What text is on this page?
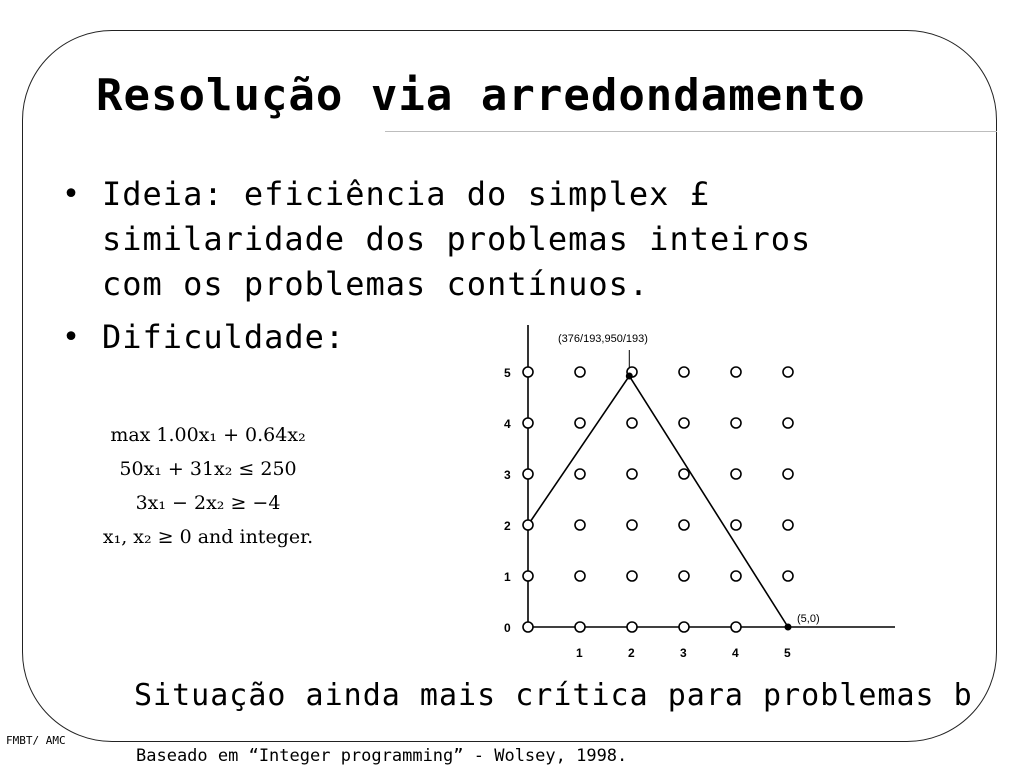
Resolução via arredondamento
• Ideia: eficiência do simplex £
similaridade dos problemas inteiros
com os problemas contínuos.
• Dificuldade:
max 1.00x₁ + 0.64x₂
50x₁ + 31x₂ ≤ 250
3x₁ − 2x₂ ≥ −4
x₁, x₂ ≥ 0 and integer.
1	2	3	4	5
0
1
2
3
4
5
(376/193,950/193)
(5,0)
Situação ainda mais crítica para problemas b
FMBT/ AMC
Baseado em “Integer programming” - Wolsey, 1998.
